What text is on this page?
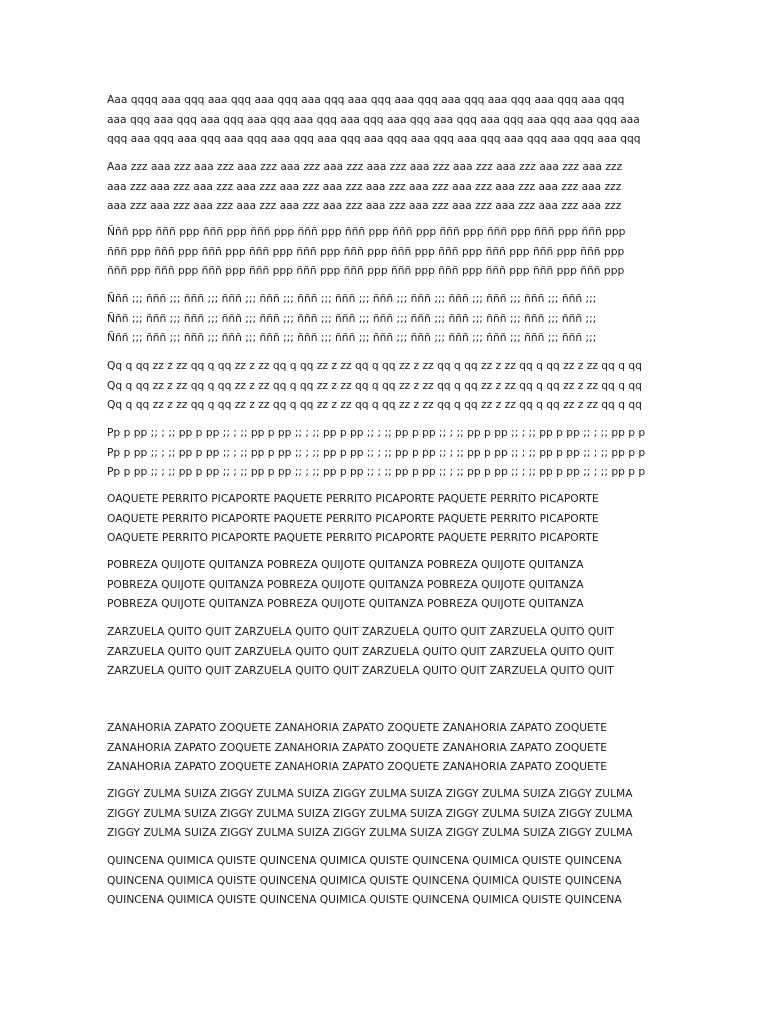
Aaa qqqq aaa qqq aaa qqq aaa qqq aaa qqq aaa qqq aaa qqq aaa qqq aaa qqq aaa qqq aaa qqq
aaa qqq aaa qqq aaa qqq aaa qqq aaa qqq aaa qqq aaa qqq aaa qqq aaa qqq aaa qqq aaa qqq aaa
qqq aaa qqq aaa qqq aaa qqq aaa qqq aaa qqq aaa qqq aaa qqq aaa qqq aaa qqq aaa qqq aaa qqq

Aaa zzz aaa zzz aaa zzz aaa zzz aaa zzz aaa zzz aaa zzz aaa zzz aaa zzz aaa zzz aaa zzz aaa zzz
aaa zzz aaa zzz aaa zzz aaa zzz aaa zzz aaa zzz aaa zzz aaa zzz aaa zzz aaa zzz aaa zzz aaa zzz
aaa zzz aaa zzz aaa zzz aaa zzz aaa zzz aaa zzz aaa zzz aaa zzz aaa zzz aaa zzz aaa zzz aaa zzz

Ñññ ppp ñññ ppp ñññ ppp ñññ ppp ñññ ppp ñññ ppp ñññ ppp ñññ ppp ñññ ppp ñññ ppp ñññ ppp
ñññ ppp ñññ ppp ñññ ppp ñññ ppp ñññ ppp ñññ ppp ñññ ppp ñññ ppp ñññ ppp ñññ ppp ñññ ppp
ñññ ppp ñññ ppp ñññ ppp ñññ ppp ñññ ppp ñññ ppp ñññ ppp ñññ ppp ñññ ppp ñññ ppp ñññ ppp

Ñññ ;;; ñññ ;;; ñññ ;;; ñññ ;;; ñññ ;;; ñññ ;;; ñññ ;;; ñññ ;;; ñññ ;;; ñññ ;;; ñññ ;;; ñññ ;;; ñññ ;;;
Ñññ ;;; ñññ ;;; ñññ ;;; ñññ ;;; ñññ ;;; ñññ ;;; ñññ ;;; ñññ ;;; ñññ ;;; ñññ ;;; ñññ ;;; ñññ ;;; ñññ ;;;
Ñññ ;;; ñññ ;;; ñññ ;;; ñññ ;;; ñññ ;;; ñññ ;;; ñññ ;;; ñññ ;;; ñññ ;;; ñññ ;;; ñññ ;;; ñññ ;;; ñññ ;;;

Qq q qq zz z zz qq q qq zz z zz qq q qq zz z zz qq q qq zz z zz qq q qq zz z zz qq q qq zz z zz qq q qq
Qq q qq zz z zz qq q qq zz z zz qq q qq zz z zz qq q qq zz z zz qq q qq zz z zz qq q qq zz z zz qq q qq
Qq q qq zz z zz qq q qq zz z zz qq q qq zz z zz qq q qq zz z zz qq q qq zz z zz qq q qq zz z zz qq q qq

Pp p pp ;; ; ;; pp p pp ;; ; ;; pp p pp ;; ; ;; pp p pp ;; ; ;; pp p pp ;; ; ;; pp p pp ;; ; ;; pp p pp ;; ; ;; pp p p
Pp p pp ;; ; ;; pp p pp ;; ; ;; pp p pp ;; ; ;; pp p pp ;; ; ;; pp p pp ;; ; ;; pp p pp ;; ; ;; pp p pp ;; ; ;; pp p p
Pp p pp ;; ; ;; pp p pp ;; ; ;; pp p pp ;; ; ;; pp p pp ;; ; ;; pp p pp ;; ; ;; pp p pp ;; ; ;; pp p pp ;; ; ;; pp p p

OAQUETE PERRITO PICAPORTE PAQUETE PERRITO PICAPORTE PAQUETE PERRITO PICAPORTE
OAQUETE PERRITO PICAPORTE PAQUETE PERRITO PICAPORTE PAQUETE PERRITO PICAPORTE
OAQUETE PERRITO PICAPORTE PAQUETE PERRITO PICAPORTE PAQUETE PERRITO PICAPORTE

POBREZA QUIJOTE QUITANZA POBREZA QUIJOTE QUITANZA POBREZA QUIJOTE QUITANZA
POBREZA QUIJOTE QUITANZA POBREZA QUIJOTE QUITANZA POBREZA QUIJOTE QUITANZA
POBREZA QUIJOTE QUITANZA POBREZA QUIJOTE QUITANZA POBREZA QUIJOTE QUITANZA

ZARZUELA QUITO QUIT ZARZUELA QUITO QUIT ZARZUELA QUITO QUIT ZARZUELA QUITO QUIT
ZARZUELA QUITO QUIT ZARZUELA QUITO QUIT ZARZUELA QUITO QUIT ZARZUELA QUITO QUIT
ZARZUELA QUITO QUIT ZARZUELA QUITO QUIT ZARZUELA QUITO QUIT ZARZUELA QUITO QUIT

ZANAHORIA ZAPATO ZOQUETE ZANAHORIA ZAPATO ZOQUETE ZANAHORIA ZAPATO ZOQUETE
ZANAHORIA ZAPATO ZOQUETE ZANAHORIA ZAPATO ZOQUETE ZANAHORIA ZAPATO ZOQUETE
ZANAHORIA ZAPATO ZOQUETE ZANAHORIA ZAPATO ZOQUETE ZANAHORIA ZAPATO ZOQUETE

ZIGGY ZULMA SUIZA ZIGGY ZULMA SUIZA ZIGGY ZULMA SUIZA ZIGGY ZULMA SUIZA ZIGGY ZULMA
ZIGGY ZULMA SUIZA ZIGGY ZULMA SUIZA ZIGGY ZULMA SUIZA ZIGGY ZULMA SUIZA ZIGGY ZULMA
ZIGGY ZULMA SUIZA ZIGGY ZULMA SUIZA ZIGGY ZULMA SUIZA ZIGGY ZULMA SUIZA ZIGGY ZULMA

QUINCENA QUIMICA QUISTE QUINCENA QUIMICA QUISTE QUINCENA QUIMICA QUISTE QUINCENA
QUINCENA QUIMICA QUISTE QUINCENA QUIMICA QUISTE QUINCENA QUIMICA QUISTE QUINCENA
QUINCENA QUIMICA QUISTE QUINCENA QUIMICA QUISTE QUINCENA QUIMICA QUISTE QUINCENA
